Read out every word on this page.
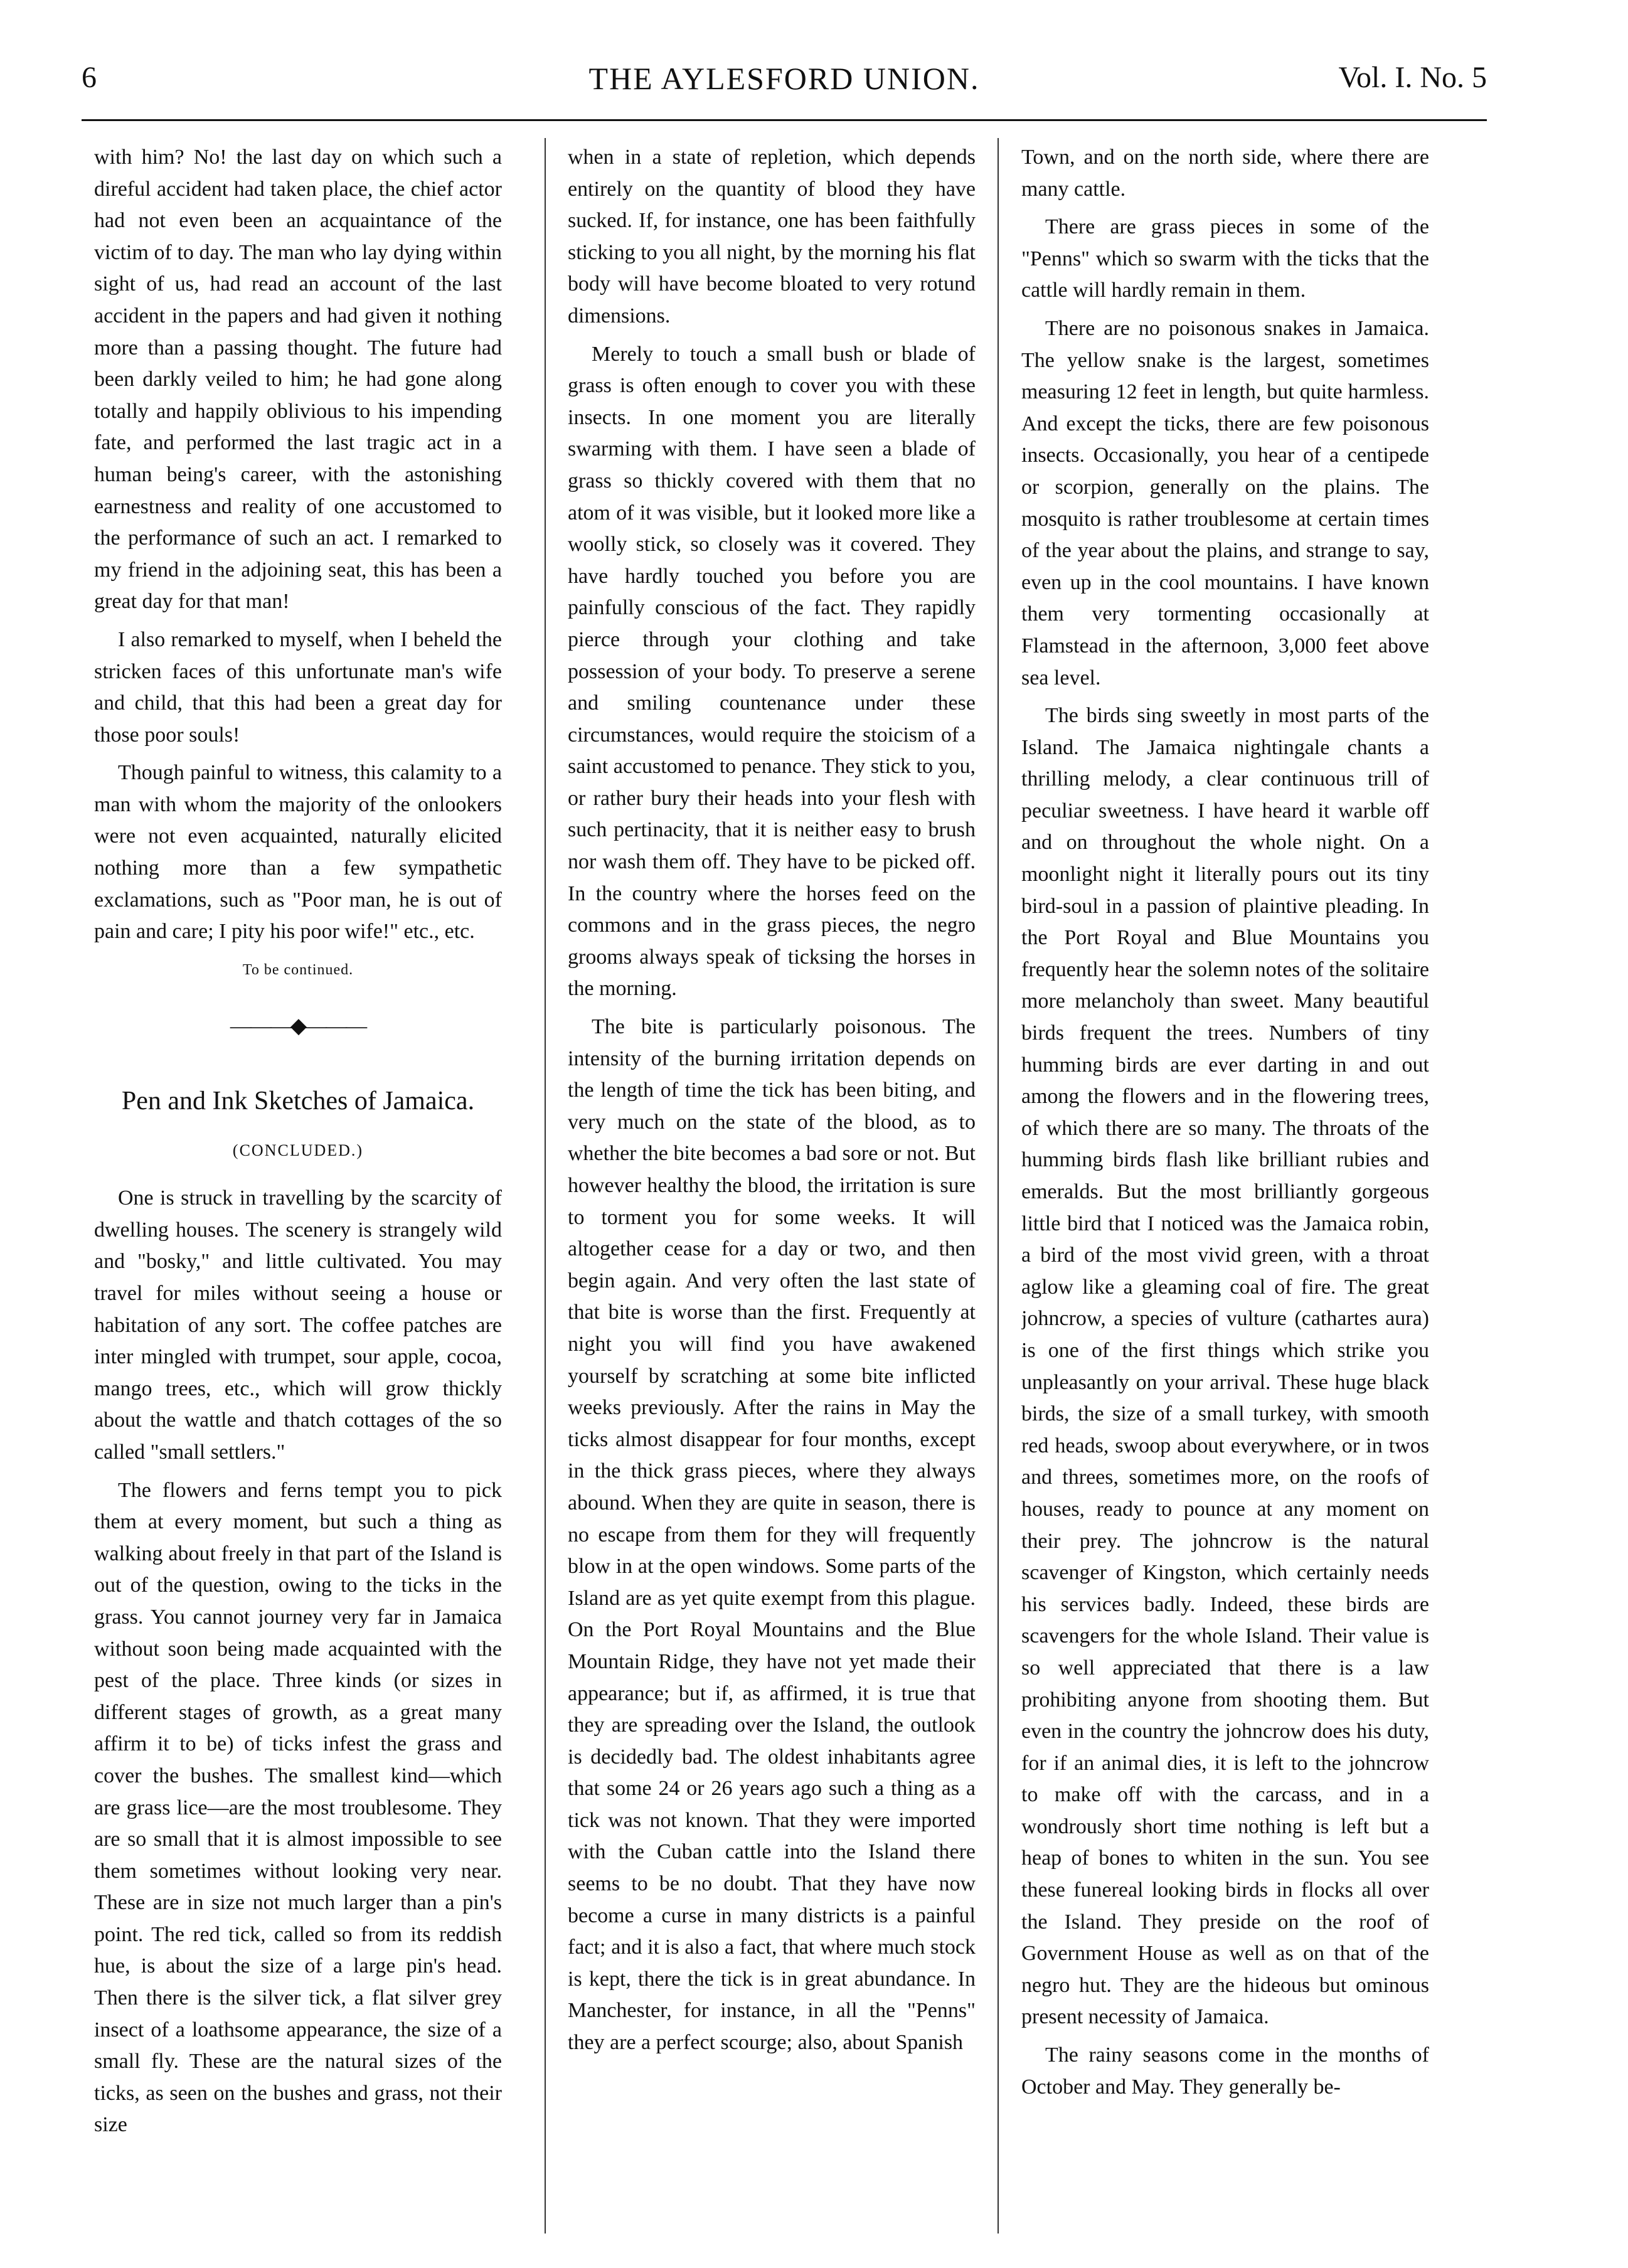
6	THE AYLESFORD UNION.	Vol. I. No. 5

with him? No! the last day on which such a direful accident had taken place, the chief actor had not even been an acquaintance of the victim of to day. The man who lay dying within sight of us, had read an account of the last accident in the papers and had given it nothing more than a passing thought. The future had been darkly veiled to him; he had gone along totally and happily oblivious to his impending fate, and performed the last tragic act in a human being's career, with the astonishing earnestness and reality of one accustomed to the performance of such an act. I remarked to my friend in the adjoining seat, this has been a great day for that man!

I also remarked to myself, when I beheld the stricken faces of this unfortunate man's wife and child, that this had been a great day for those poor souls!

Though painful to witness, this calamity to a man with whom the majority of the onlookers were not even acquainted, naturally elicited nothing more than a few sympathetic exclamations, such as "Poor man, he is out of pain and care; I pity his poor wife!" etc., etc.

To be continued.
———◆———
Pen and Ink Sketches of Jamaica.
(CONCLUDED.)

One is struck in travelling by the scarcity of dwelling houses. The scenery is strangely wild and "bosky," and little cultivated. You may travel for miles without seeing a house or habitation of any sort. The coffee patches are inter mingled with trumpet, sour apple, cocoa, mango trees, etc., which will grow thickly about the wattle and thatch cottages of the so called "small settlers."

The flowers and ferns tempt you to pick them at every moment, but such a thing as walking about freely in that part of the Island is out of the question, owing to the ticks in the grass. You cannot journey very far in Jamaica without soon being made acquainted with the pest of the place. Three kinds (or sizes in different stages of growth, as a great many affirm it to be) of ticks infest the grass and cover the bushes. The smallest kind—which are grass lice—are the most troublesome. They are so small that it is almost impossible to see them sometimes without looking very near. These are in size not much larger than a pin's point. The red tick, called so from its reddish hue, is about the size of a large pin's head. Then there is the silver tick, a flat silver grey insect of a loathsome appearance, the size of a small fly. These are the natural sizes of the ticks, as seen on the bushes and grass, not their size

when in a state of repletion, which depends entirely on the quantity of blood they have sucked. If, for instance, one has been faithfully sticking to you all night, by the morning his flat body will have become bloated to very rotund dimensions.

Merely to touch a small bush or blade of grass is often enough to cover you with these insects. In one moment you are literally swarming with them. I have seen a blade of grass so thickly covered with them that no atom of it was visible, but it looked more like a woolly stick, so closely was it covered. They have hardly touched you before you are painfully conscious of the fact. They rapidly pierce through your clothing and take possession of your body. To preserve a serene and smiling countenance under these circumstances, would require the stoicism of a saint accustomed to penance. They stick to you, or rather bury their heads into your flesh with such pertinacity, that it is neither easy to brush nor wash them off. They have to be picked off. In the country where the horses feed on the commons and in the grass pieces, the negro grooms always speak of ticksing the horses in the morning.

The bite is particularly poisonous. The intensity of the burning irritation depends on the length of time the tick has been biting, and very much on the state of the blood, as to whether the bite becomes a bad sore or not. But however healthy the blood, the irritation is sure to torment you for some weeks. It will altogether cease for a day or two, and then begin again. And very often the last state of that bite is worse than the first. Frequently at night you will find you have awakened yourself by scratching at some bite inflicted weeks previously. After the rains in May the ticks almost disappear for four months, except in the thick grass pieces, where they always abound. When they are quite in season, there is no escape from them for they will frequently blow in at the open windows. Some parts of the Island are as yet quite exempt from this plague. On the Port Royal Mountains and the Blue Mountain Ridge, they have not yet made their appearance; but if, as affirmed, it is true that they are spreading over the Island, the outlook is decidedly bad. The oldest inhabitants agree that some 24 or 26 years ago such a thing as a tick was not known. That they were imported with the Cuban cattle into the Island there seems to be no doubt. That they have now become a curse in many districts is a painful fact; and it is also a fact, that where much stock is kept, there the tick is in great abundance. In Manchester, for instance, in all the "Penns" they are a perfect scourge; also, about Spanish

Town, and on the north side, where there are many cattle.

There are grass pieces in some of the "Penns" which so swarm with the ticks that the cattle will hardly remain in them.

There are no poisonous snakes in Jamaica. The yellow snake is the largest, sometimes measuring 12 feet in length, but quite harmless. And except the ticks, there are few poisonous insects. Occasionally, you hear of a centipede or scorpion, generally on the plains. The mosquito is rather troublesome at certain times of the year about the plains, and strange to say, even up in the cool mountains. I have known them very tormenting occasionally at Flamstead in the afternoon, 3,000 feet above sea level.

The birds sing sweetly in most parts of the Island. The Jamaica nightingale chants a thrilling melody, a clear continuous trill of peculiar sweetness. I have heard it warble off and on throughout the whole night. On a moonlight night it literally pours out its tiny bird-soul in a passion of plaintive pleading. In the Port Royal and Blue Mountains you frequently hear the solemn notes of the solitaire more melancholy than sweet. Many beautiful birds frequent the trees. Numbers of tiny humming birds are ever darting in and out among the flowers and in the flowering trees, of which there are so many. The throats of the humming birds flash like brilliant rubies and emeralds. But the most brilliantly gorgeous little bird that I noticed was the Jamaica robin, a bird of the most vivid green, with a throat aglow like a gleaming coal of fire. The great johncrow, a species of vulture (cathartes aura) is one of the first things which strike you unpleasantly on your arrival. These huge black birds, the size of a small turkey, with smooth red heads, swoop about everywhere, or in twos and threes, sometimes more, on the roofs of houses, ready to pounce at any moment on their prey. The johncrow is the natural scavenger of Kingston, which certainly needs his services badly. Indeed, these birds are scavengers for the whole Island. Their value is so well appreciated that there is a law prohibiting anyone from shooting them. But even in the country the johncrow does his duty, for if an animal dies, it is left to the johncrow to make off with the carcass, and in a wondrously short time nothing is left but a heap of bones to whiten in the sun. You see these funereal looking birds in flocks all over the Island. They preside on the roof of Government House as well as on that of the negro hut. They are the hideous but ominous present necessity of Jamaica.

The rainy seasons come in the months of October and May. They generally be-
